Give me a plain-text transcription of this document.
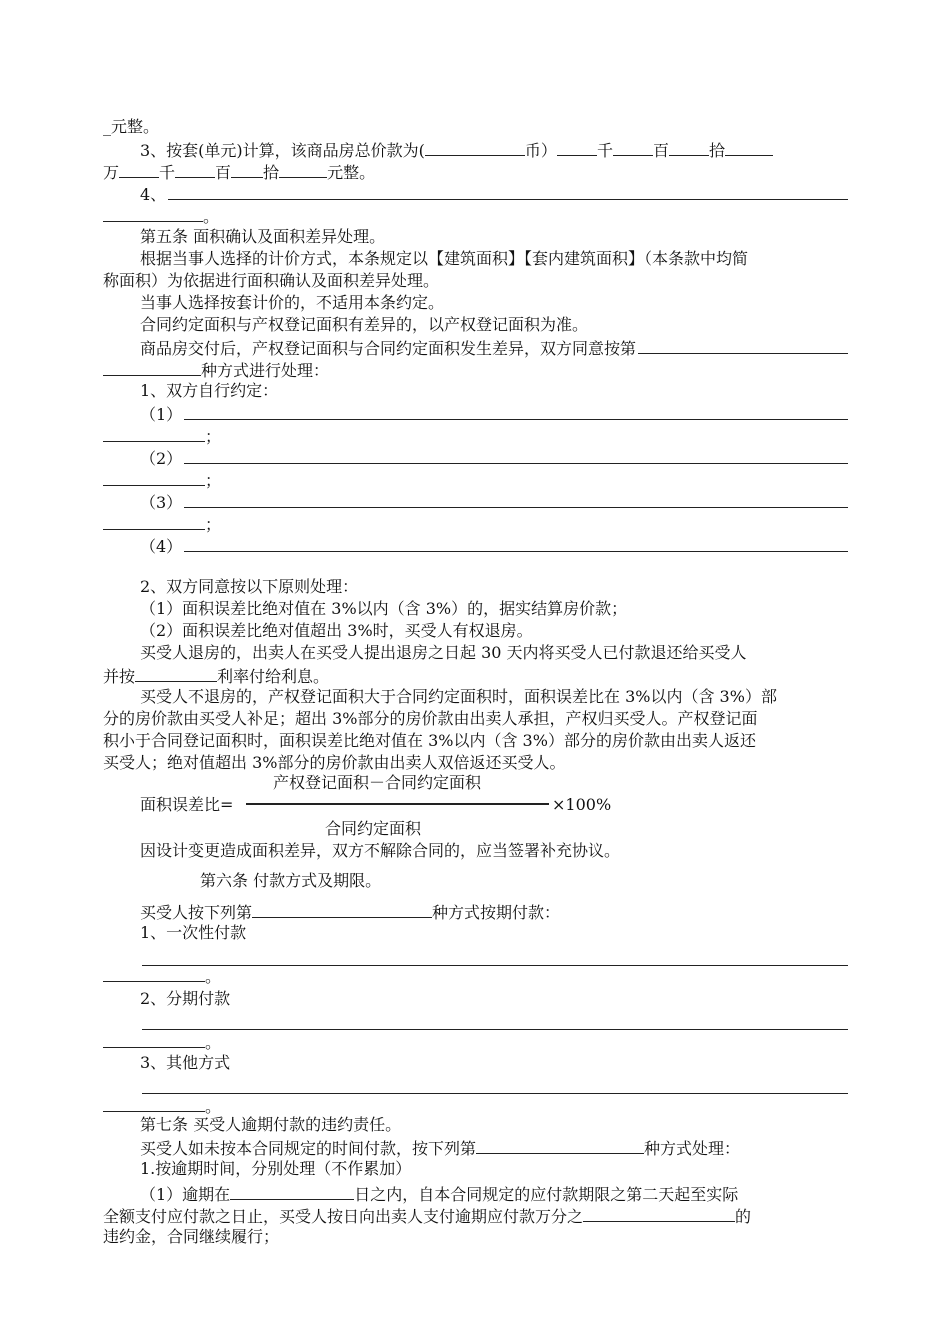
_元整。
3、按套(单元)计算，该商品房总价款为(	币）	千	百	拾
万	千	百 拾	元整。
4、
。
第五条 面积确认及面积差异处理。
根据当事人选择的计价方式，本条规定以【建筑面积】【套内建筑面积】（本条款中均简
称面积）为依据进行面积确认及面积差异处理。
当事人选择按套计价的，不适用本条约定。
合同约定面积与产权登记面积有差异的，以产权登记面积为准。
商品房交付后，产权登记面积与合同约定面积发生差异，双方同意按第
种方式进行处理：
1、双方自行约定：
（1）
；
（2）
；
（3）
；
（4）
2、双方同意按以下原则处理：
（1）面积误差比绝对值在 3%以内（含 3%）的，据实结算房价款；
（2）面积误差比绝对值超出 3%时，买受人有权退房。
买受人退房的，出卖人在买受人提出退房之日起 30 天内将买受人已付款退还给买受人
并按	利率付给利息。
买受人不退房的，产权登记面积大于合同约定面积时，面积误差比在 3%以内（含 3%）部
分的房价款由买受人补足；超出 3%部分的房价款由出卖人承担，产权归买受人。产权登记面
积小于合同登记面积时，面积误差比绝对值在 3%以内（含 3%）部分的房价款由出卖人返还
买受人；绝对值超出 3%部分的房价款由出卖人双倍返还买受人。
产权登记面积－合同约定面积
面积误差比=	×100%
合同约定面积
因设计变更造成面积差异，双方不解除合同的，应当签署补充协议。
第六条 付款方式及期限。
买受人按下列第	种方式按期付款：
1、一次性付款
。
2、分期付款
。
3、其他方式
。
第七条 买受人逾期付款的违约责任。
买受人如未按本合同规定的时间付款，按下列第	种方式处理：
1.按逾期时间，分别处理（不作累加）
（1）逾期在	日之内，自本合同规定的应付款期限之第二天起至实际
全额支付应付款之日止，买受人按日向出卖人支付逾期应付款万分之	的
违约金，合同继续履行；
